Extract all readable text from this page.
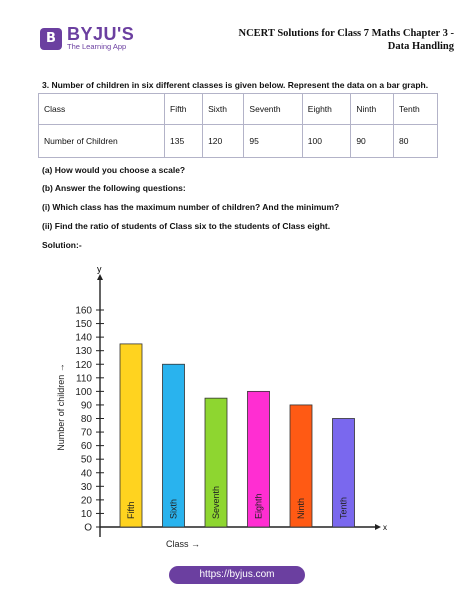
B BYJU'S
The Learning App
NCERT Solutions for Class 7 Maths Chapter 3 -
Data Handling
3. Number of children in six different classes is given below. Represent the data on a bar graph.
Class	Fifth	Sixth	Seventh	Eighth	Ninth	Tenth
Number of Children	135	120	95	100	90	80
(a) How would you choose a scale?
(b) Answer the following questions:
(i) Which class has the maximum number of children? And the minimum?
(ii) Find the ratio of students of Class six to the students of Class eight.
Solution:-
x
y
O
10
20
30
40
50
60
70
80
90
100
110
120
130
140
150
160
Number of children →
Fifth	Sixth	Seventh	Eighth	Ninth	Tenth
Class →
https://byjus.com
